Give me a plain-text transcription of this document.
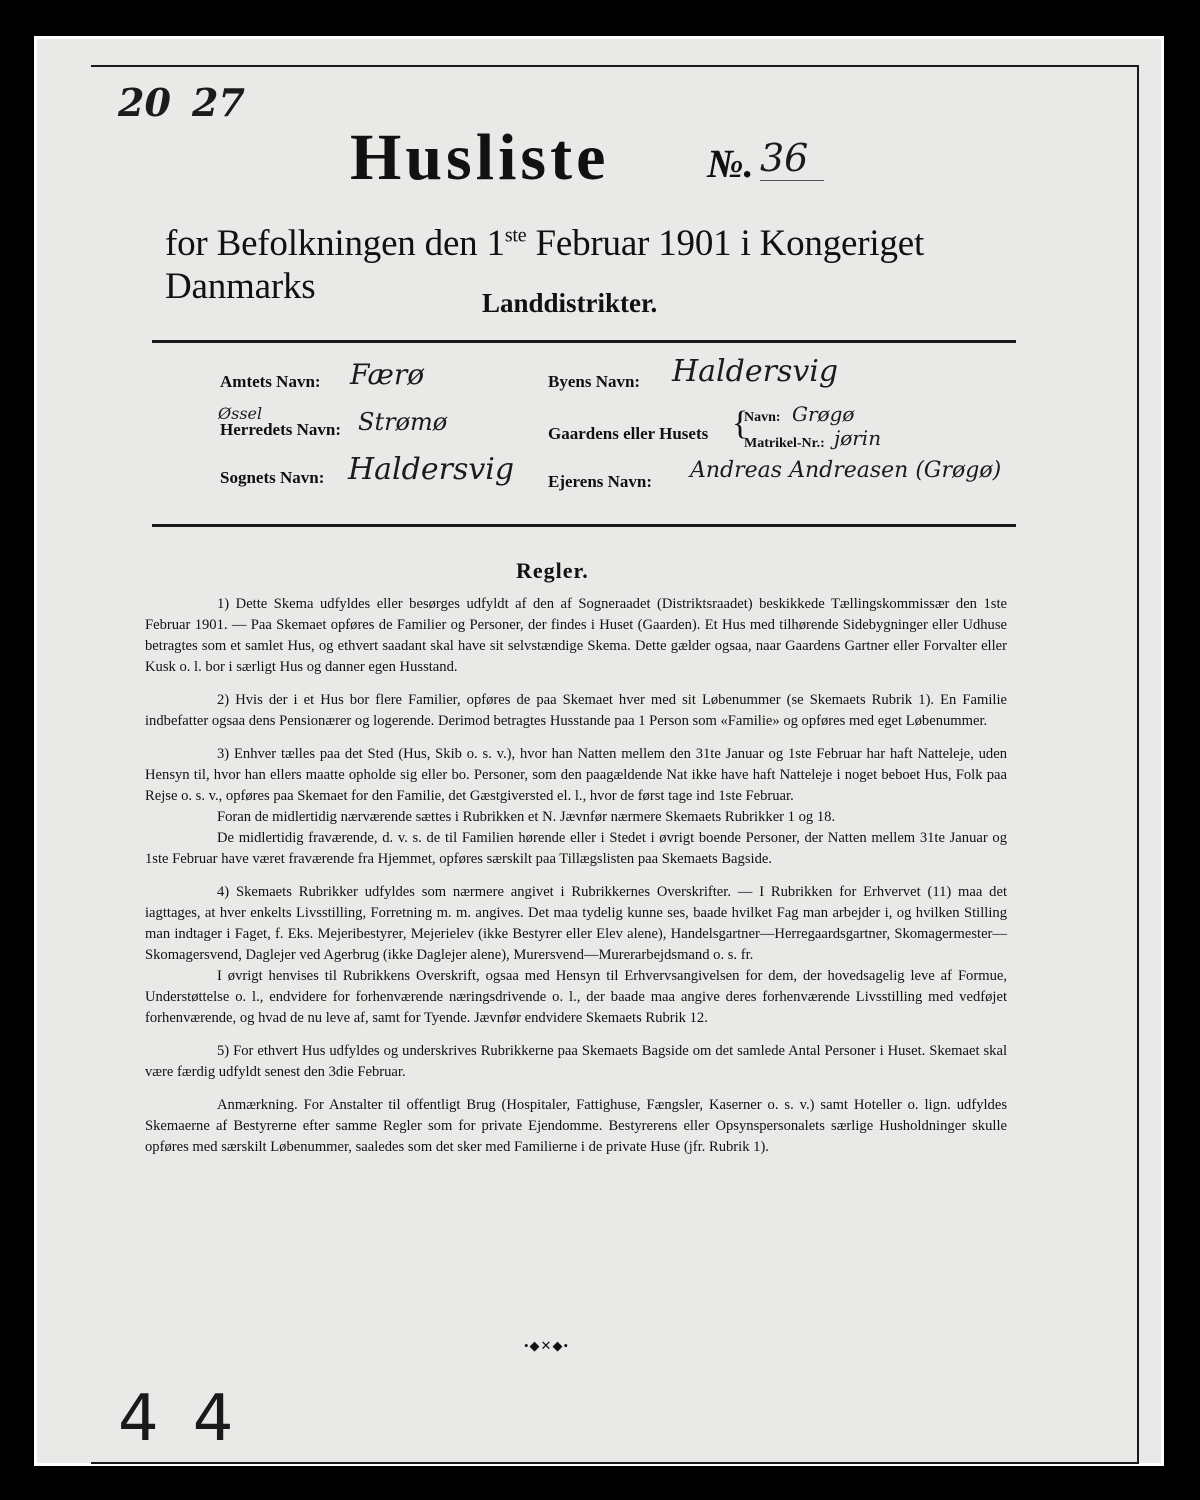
20 27
Husliste №. 36
for Befolkningen den 1ste Februar 1901 i Kongeriget Danmarks	Landdistrikter.
Amtets Navn: Færø
Øssel
Herredets Navn: Strømø
Sognets Navn: Haldersvig
Byens Navn: Haldersvig
Gaardens eller Husets {
Navn: Grøgø
Matrikel-Nr.: jørin
Ejerens Navn: Andreas Andreasen (Grøgø)
Regler.

1) Dette Skema udfyldes eller besørges udfyldt af den af Sogneraadet (Distriktsraadet) beskikkede Tællingskommissær den 1ste Februar 1901. — Paa Skemaet opføres de Familier og Personer, der findes i Huset (Gaarden). Et Hus med tilhørende Sidebygninger eller Udhuse betragtes som et samlet Hus, og ethvert saadant skal have sit selvstændige Skema. Dette gælder ogsaa, naar Gaardens Gartner eller Forvalter eller Kusk o. l. bor i særligt Hus og danner egen Husstand.

2) Hvis der i et Hus bor flere Familier, opføres de paa Skemaet hver med sit Løbenummer (se Skemaets Rubrik 1). En Familie indbefatter ogsaa dens Pensionærer og logerende. Derimod betragtes Husstande paa 1 Person som «Familie» og opføres med eget Løbenummer.

3) Enhver tælles paa det Sted (Hus, Skib o. s. v.), hvor han Natten mellem den 31te Januar og 1ste Februar har haft Natteleje, uden Hensyn til, hvor han ellers maatte opholde sig eller bo. Personer, som den paagældende Nat ikke have haft Natteleje i noget beboet Hus, Folk paa Rejse o. s. v., opføres paa Skemaet for den Familie, det Gæstgiversted el. l., hvor de først tage ind 1ste Februar.

Foran de midlertidig nærværende sættes i Rubrikken et N. Jævnfør nærmere Skemaets Rubrikker 1 og 18.

De midlertidig fraværende, d. v. s. de til Familien hørende eller i Stedet i øvrigt boende Personer, der Natten mellem 31te Januar og 1ste Februar have været fraværende fra Hjemmet, opføres særskilt paa Tillægslisten paa Skemaets Bagside.

4) Skemaets Rubrikker udfyldes som nærmere angivet i Rubrikkernes Overskrifter. — I Rubrikken for Erhvervet (11) maa det iagttages, at hver enkelts Livsstilling, Forretning m. m. angives. Det maa tydelig kunne ses, baade hvilket Fag man arbejder i, og hvilken Stilling man indtager i Faget, f. Eks. Mejeribestyrer, Mejerielev (ikke Bestyrer eller Elev alene), Handelsgartner—Herregaardsgartner, Skomagermester—Skomagersvend, Daglejer ved Agerbrug (ikke Daglejer alene), Murersvend—Murerarbejdsmand o. s. fr.

I øvrigt henvises til Rubrikkens Overskrift, ogsaa med Hensyn til Erhvervsangivelsen for dem, der hovedsagelig leve af Formue, Understøttelse o. l., endvidere for forhenværende næringsdrivende o. l., der baade maa angive deres forhenværende Livsstilling med vedføjet forhenværende, og hvad de nu leve af, samt for Tyende. Jævnfør endvidere Skemaets Rubrik 12.

5) For ethvert Hus udfyldes og underskrives Rubrikkerne paa Skemaets Bagside om det samlede Antal Personer i Huset. Skemaet skal være færdig udfyldt senest den 3die Februar.

Anmærkning. For Anstalter til offentligt Brug (Hospitaler, Fattighuse, Fængsler, Kaserner o. s. v.) samt Hoteller o. lign. udfyldes Skemaerne af Bestyrerne efter samme Regler som for private Ejendomme. Bestyrerens eller Opsynspersonalets særlige Husholdninger skulle opføres med særskilt Løbenummer, saaledes som det sker med Familierne i de private Huse (jfr. Rubrik 1).

•◆✕◆•
44
